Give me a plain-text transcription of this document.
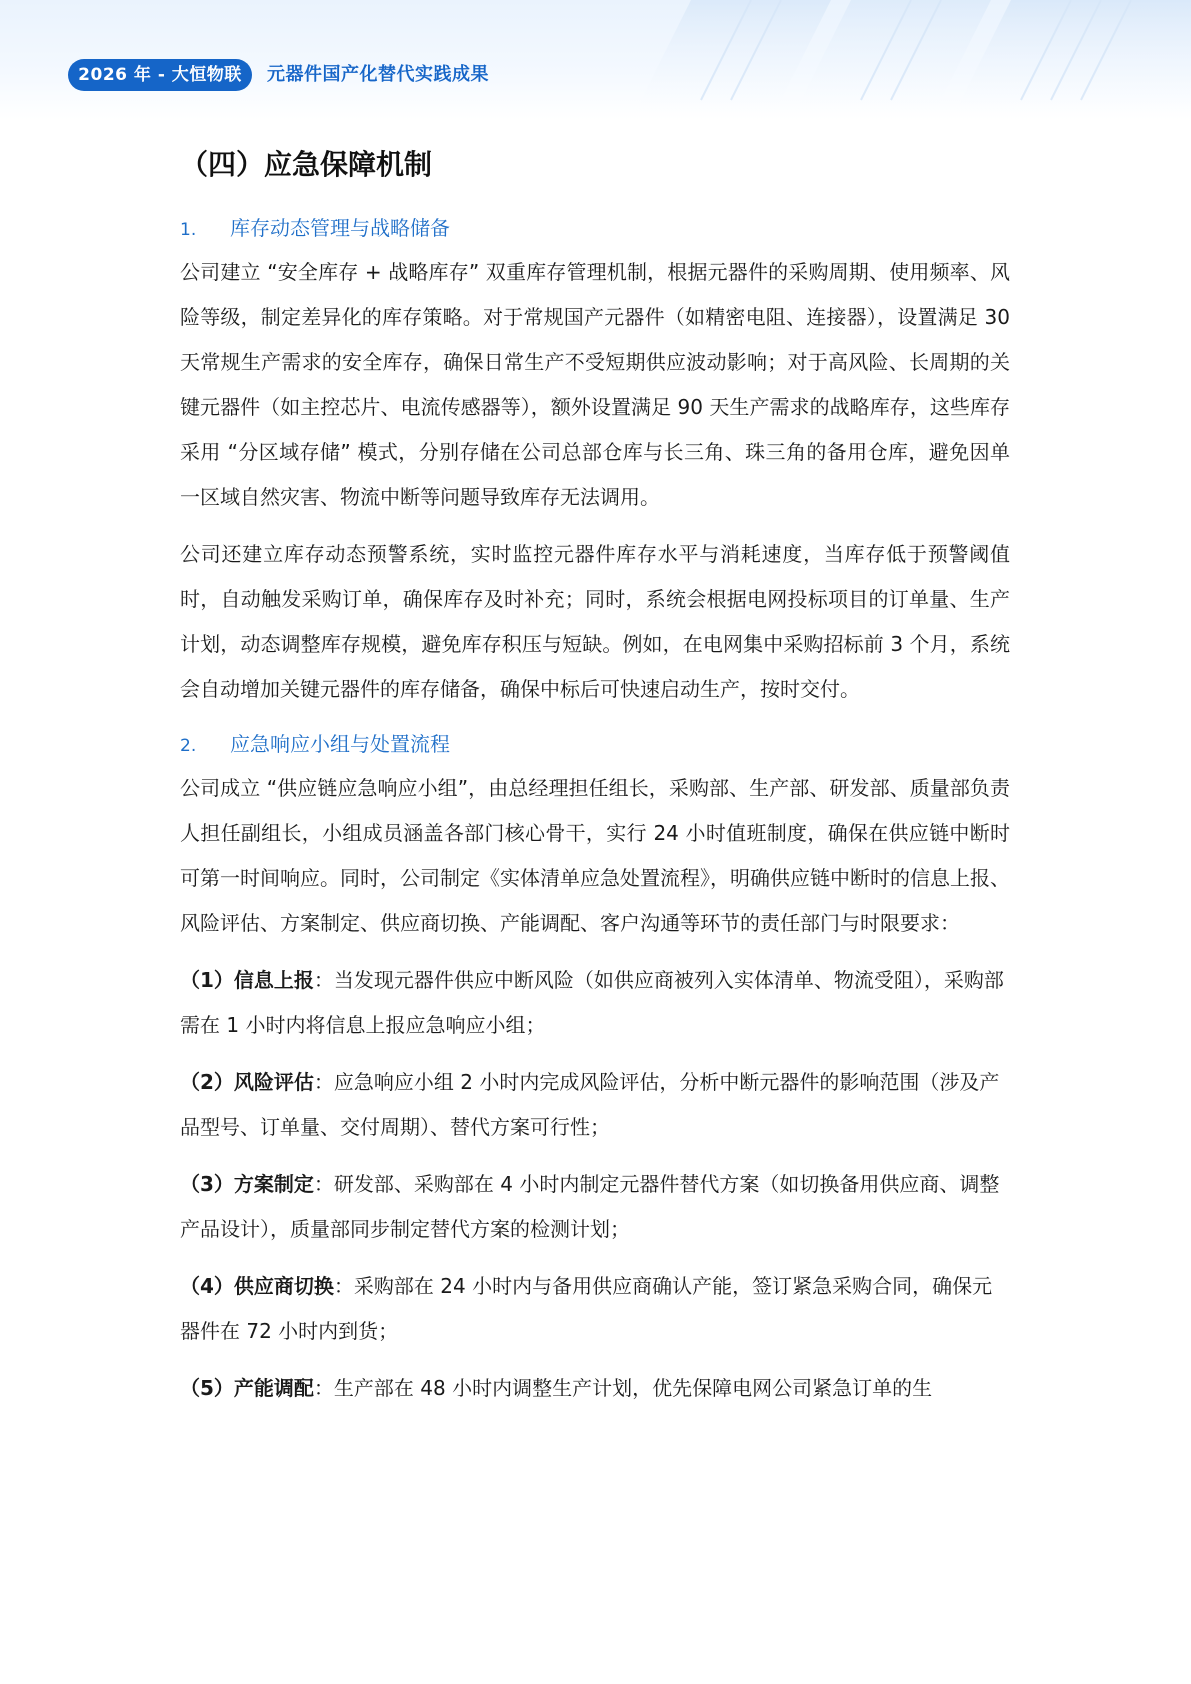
2026 年 - 大恒物联	元器件国产化替代实践成果
（四）应急保障机制
1. 库存动态管理与战略储备

公司建立 “安全库存 + 战略库存” 双重库存管理机制，根据元器件的采购周期、使用频率、风险等级，制定差异化的库存策略。对于常规国产元器件（如精密电阻、连接器），设置满足 30 天常规生产需求的安全库存，确保日常生产不受短期供应波动影响；对于高风险、长周期的关键元器件（如主控芯片、电流传感器等），额外设置满足 90 天生产需求的战略库存，这些库存采用 “分区域存储” 模式，分别存储在公司总部仓库与长三角、珠三角的备用仓库，避免因单一区域自然灾害、物流中断等问题导致库存无法调用。

公司还建立库存动态预警系统，实时监控元器件库存水平与消耗速度，当库存低于预警阈值时，自动触发采购订单，确保库存及时补充；同时，系统会根据电网投标项目的订单量、生产计划，动态调整库存规模，避免库存积压与短缺。例如，在电网集中采购招标前 3 个月，系统会自动增加关键元器件的库存储备，确保中标后可快速启动生产，按时交付。

2. 应急响应小组与处置流程

公司成立 “供应链应急响应小组”，由总经理担任组长，采购部、生产部、研发部、质量部负责人担任副组长，小组成员涵盖各部门核心骨干，实行 24 小时值班制度，确保在供应链中断时可第一时间响应。同时，公司制定《实体清单应急处置流程》，明确供应链中断时的信息上报、风险评估、方案制定、供应商切换、产能调配、客户沟通等环节的责任部门与时限要求：

（1）信息上报：当发现元器件供应中断风险（如供应商被列入实体清单、物流受阻），采购部需在 1 小时内将信息上报应急响应小组；

（2）风险评估：应急响应小组 2 小时内完成风险评估，分析中断元器件的影响范围（涉及产品型号、订单量、交付周期）、替代方案可行性；

（3）方案制定：研发部、采购部在 4 小时内制定元器件替代方案（如切换备用供应商、调整产品设计），质量部同步制定替代方案的检测计划；

（4）供应商切换：采购部在 24 小时内与备用供应商确认产能，签订紧急采购合同，确保元器件在 72 小时内到货；

（5）产能调配：生产部在 48 小时内调整生产计划，优先保障电网公司紧急订单的生
